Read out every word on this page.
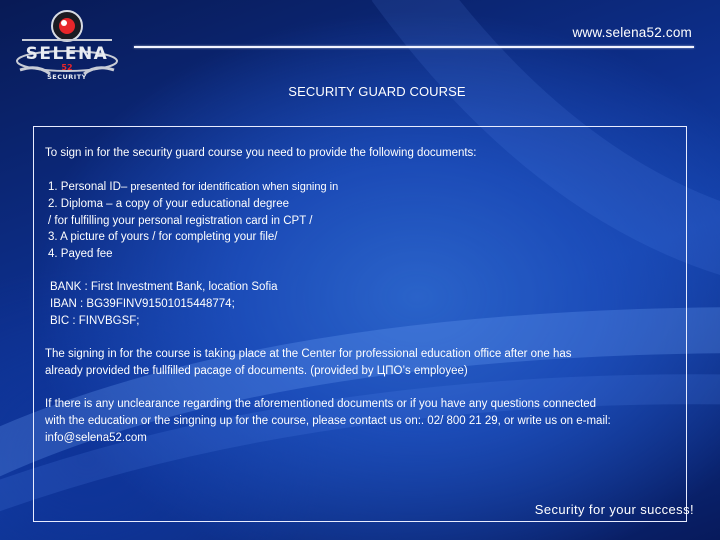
SELENA
52
SECURITY
www.selena52.com
SECURITY GUARD COURSE
To sign in for the security guard course you need to provide the following documents:
1. Personal ID– presented for identification when signing in
2. Diploma – a copy of your educational degree
/ for fulfilling your personal registration card in CPT /
3. A picture of yours / for completing your file/
4. Payed fee
BANK : First Investment Bank, location Sofia
IBAN : BG39FINV91501015448774;
BIC : FINVBGSF;
The signing in for the course is taking place at the Center for professional education office after one has
already provided the fullfilled pacage of documents. (provided by ЦПО’s employee)
If there is any unclearance regarding the aforementioned documents or if you have any questions connected
with the education or the singning up for the course, please contact us on:. 02/ 800 21 29, or write us on e-mail:
info@selena52.com
Security for your success!
